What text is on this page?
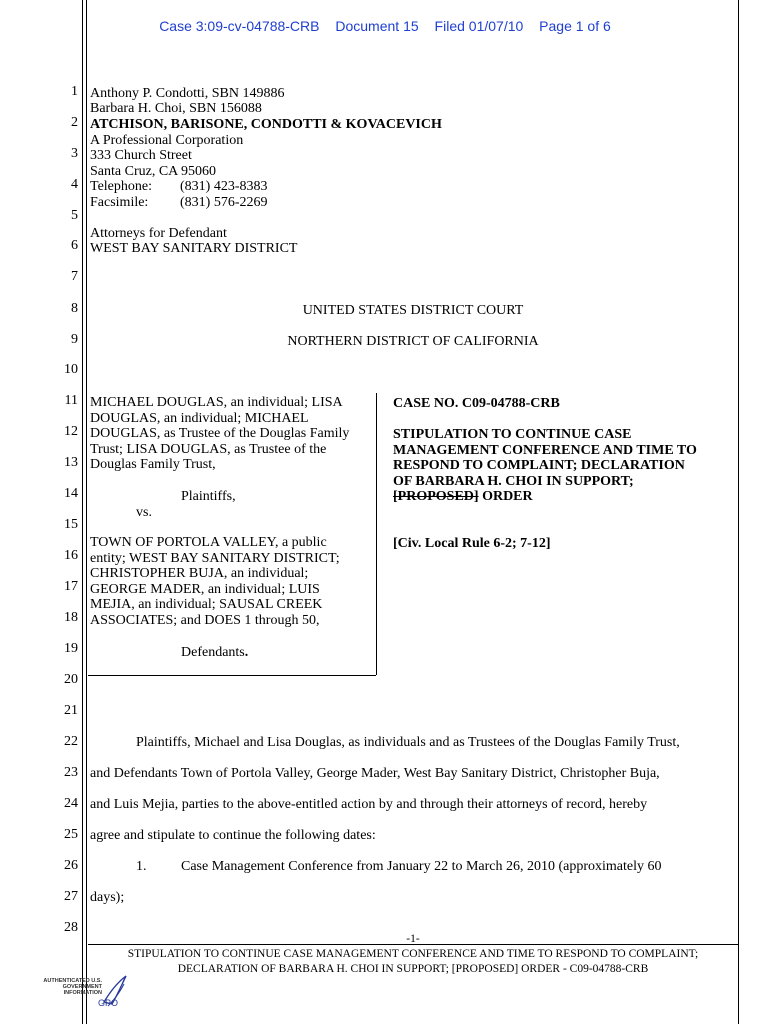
Case 3:09-cv-04788-CRB Document 15 Filed 01/07/10 Page 1 of 6
1
2
3
4
5
6
7
8
9
10
11
12
13
14
15
16
17
18
19
20
21
22
23
24
25
26
27
28
Anthony P. Condotti, SBN 149886
Barbara H. Choi, SBN 156088
ATCHISON, BARISONE, CONDOTTI & KOVACEVICH
A Professional Corporation
333 Church Street
Santa Cruz, CA 95060
Telephone: (831) 423-8383
Facsimile: (831) 576-2269
Attorneys for Defendant
WEST BAY SANITARY DISTRICT
UNITED STATES DISTRICT COURT
NORTHERN DISTRICT OF CALIFORNIA
MICHAEL DOUGLAS, an individual; LISA
DOUGLAS, an individual; MICHAEL
DOUGLAS, as Trustee of the Douglas Family
Trust; LISA DOUGLAS, as Trustee of the
Douglas Family Trust,
Plaintiffs,
vs.
TOWN OF PORTOLA VALLEY, a public
entity; WEST BAY SANITARY DISTRICT;
CHRISTOPHER BUJA, an individual;
GEORGE MADER, an individual; LUIS
MEJIA, an individual; SAUSAL CREEK
ASSOCIATES; and DOES 1 through 50,
Defendants.
CASE NO. C09-04788-CRB
STIPULATION TO CONTINUE CASE
MANAGEMENT CONFERENCE AND TIME TO
RESPOND TO COMPLAINT; DECLARATION
OF BARBARA H. CHOI IN SUPPORT;
[PROPOSED] ORDER
[Civ. Local Rule 6-2; 7-12]
Plaintiffs, Michael and Lisa Douglas, as individuals and as Trustees of the Douglas Family Trust,
and Defendants Town of Portola Valley, George Mader, West Bay Sanitary District, Christopher Buja,
and Luis Mejia, parties to the above-entitled action by and through their attorneys of record, hereby
agree and stipulate to continue the following dates:
1. Case Management Conference from January 22 to March 26, 2010 (approximately 60
days);
-1-
STIPULATION TO CONTINUE CASE MANAGEMENT CONFERENCE AND TIME TO RESPOND TO COMPLAINT;
DECLARATION OF BARBARA H. CHOI IN SUPPORT; [PROPOSED] ORDER - C09-04788-CRB
AUTHENTICATED U.S. GOVERNMENT INFORMATION
GPO
